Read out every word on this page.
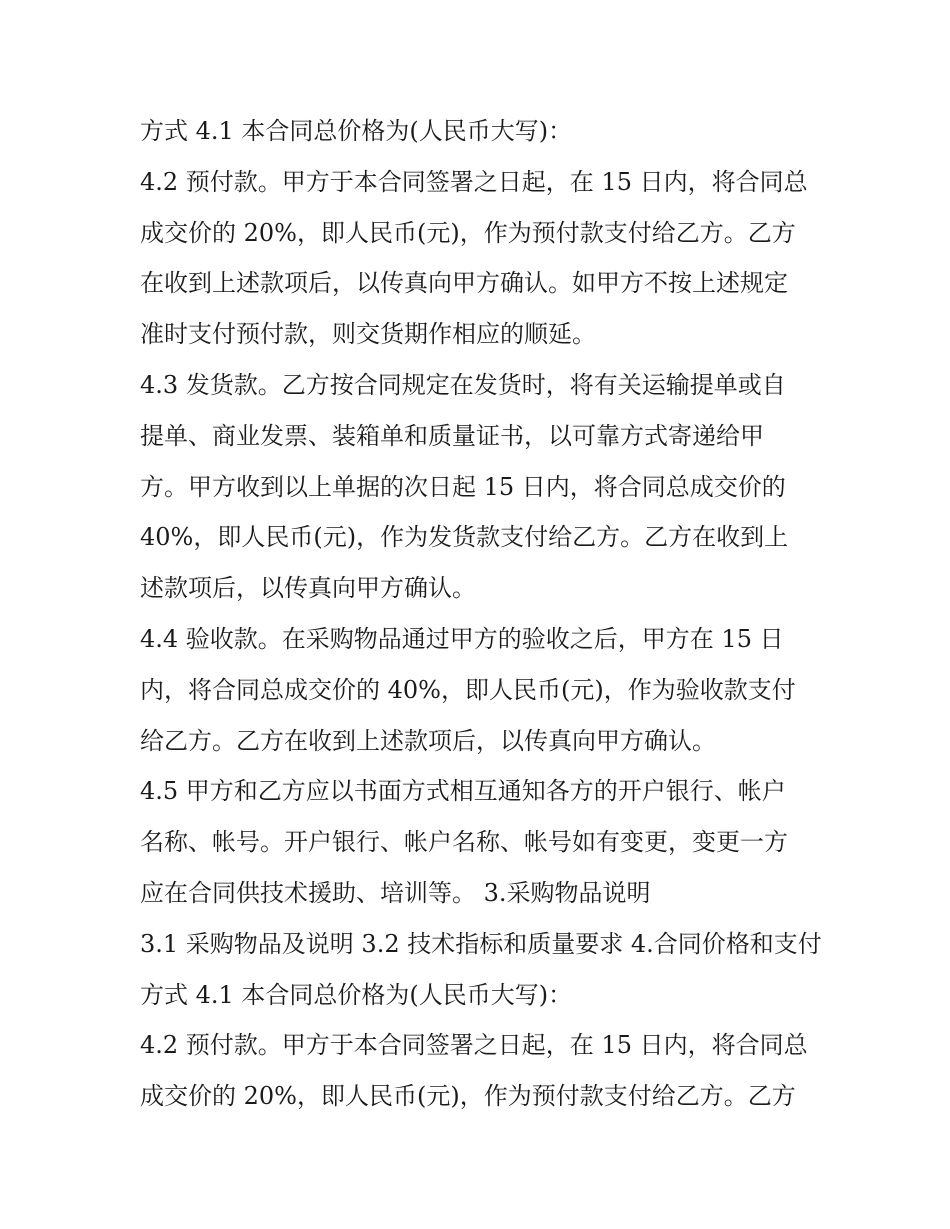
方式 4.1 本合同总价格为(人民币大写)：
4.2 预付款。甲方于本合同签署之日起，在 15 日内，将合同总
成交价的 20%，即人民币(元)，作为预付款支付给乙方。乙方
在收到上述款项后，以传真向甲方确认。如甲方不按上述规定
准时支付预付款，则交货期作相应的顺延。
4.3 发货款。乙方按合同规定在发货时，将有关运输提单或自
提单、商业发票、装箱单和质量证书，以可靠方式寄递给甲
方。甲方收到以上单据的次日起 15 日内，将合同总成交价的
40%，即人民币(元)，作为发货款支付给乙方。乙方在收到上
述款项后，以传真向甲方确认。
4.4 验收款。在采购物品通过甲方的验收之后，甲方在 15 日
内，将合同总成交价的 40%，即人民币(元)，作为验收款支付
给乙方。乙方在收到上述款项后，以传真向甲方确认。
4.5 甲方和乙方应以书面方式相互通知各方的开户银行、帐户
名称、帐号。开户银行、帐户名称、帐号如有变更，变更一方
应在合同供技术援助、培训等。 3.采购物品说明
3.1 采购物品及说明 3.2 技术指标和质量要求 4.合同价格和支付
方式 4.1 本合同总价格为(人民币大写)：
4.2 预付款。甲方于本合同签署之日起，在 15 日内，将合同总
成交价的 20%，即人民币(元)，作为预付款支付给乙方。乙方
